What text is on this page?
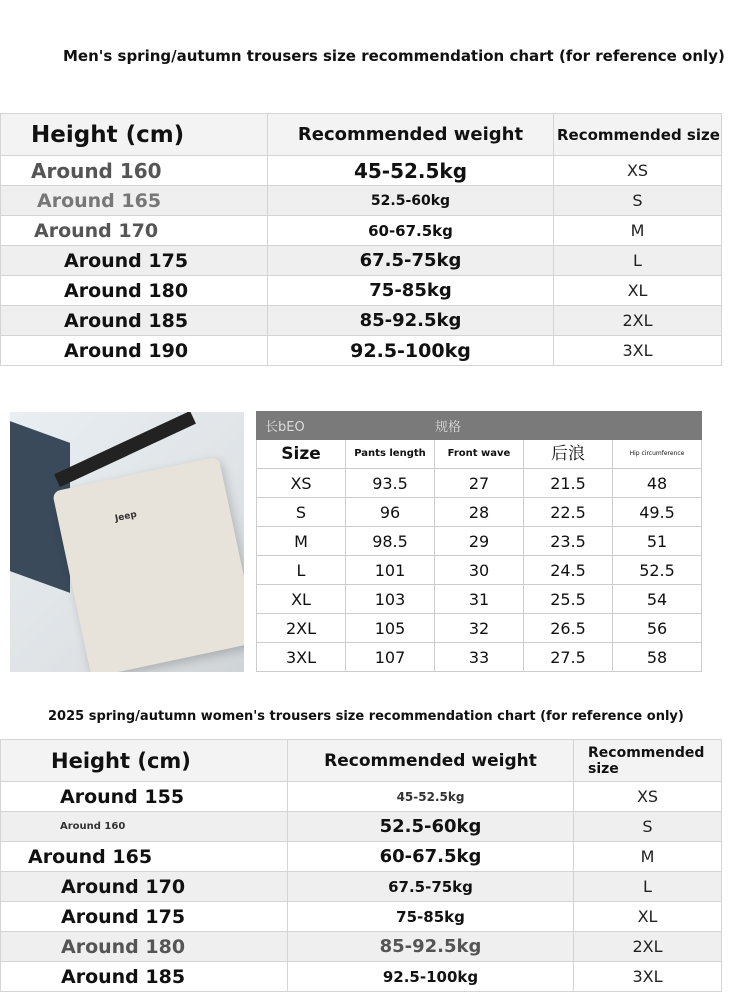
Men's spring/autumn trousers size recommendation chart (for reference only)
Height (cm)	Recommended weight	Recommended size
Around 160	45-52.5kg	XS
Around 165	52.5-60kg	S
Around 170	60-67.5kg	M
Around 175	67.5-75kg	L
Around 180	75-85kg	XL
Around 185	85-92.5kg	2XL
Around 190	92.5-100kg	3XL
Jeep
长bEO		规格		
Size	Pants length	Front wave	后浪	Hip circumference
XS	93.5	27	21.5	48
S	96	28	22.5	49.5
M	98.5	29	23.5	51
L	101	30	24.5	52.5
XL	103	31	25.5	54
2XL	105	32	26.5	56
3XL	107	33	27.5	58
2025 spring/autumn women's trousers size recommendation chart (for reference only)
Height (cm)	Recommended weight	Recommended size
Around 155	45-52.5kg	XS
Around 160	52.5-60kg	S
Around 165	60-67.5kg	M
Around 170	67.5-75kg	L
Around 175	75-85kg	XL
Around 180	85-92.5kg	2XL
Around 185	92.5-100kg	3XL
